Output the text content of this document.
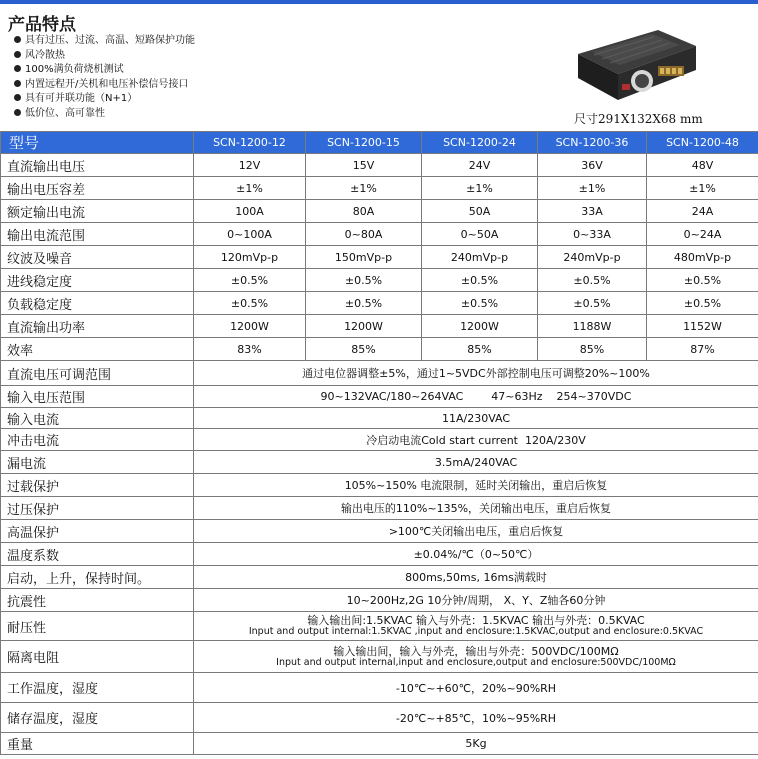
产品特点
具有过压、过流、高温、短路保护功能
风冷散热
100%满负荷烧机测试
内置远程开/关机和电压补偿信号接口
具有可并联功能（N+1）
低价位、高可靠性	尺寸291X132X68 mm
型号	SCN-1200-12	SCN-1200-15	SCN-1200-24	SCN-1200-36	SCN-1200-48
直流输出电压	12V	15V	24V	36V	48V
输出电压容差	±1%	±1%	±1%	±1%	±1%
额定输出电流	100A	80A	50A	33A	24A
输出电流范围	0~100A	0~80A	0~50A	0~33A	0~24A
纹波及噪音	120mVp-p	150mVp-p	240mVp-p	240mVp-p	480mVp-p
进线稳定度	±0.5%	±0.5%	±0.5%	±0.5%	±0.5%
负载稳定度	±0.5%	±0.5%	±0.5%	±0.5%	±0.5%
直流输出功率	1200W	1200W	1200W	1188W	1152W
效率	83%	85%	85%	85%	87%
直流电压可调范围	通过电位器调整±5%，通过1~5VDC外部控制电压可调整20%~100%				
输入电压范围	90~132VAC/180~264VAC        47~63Hz    254~370VDC				
输入电流	11A/230VAC				
冲击电流	冷启动电流Cold start current  120A/230V				
漏电流	3.5mA/240VAC				
过载保护	105%~150% 电流限制，延时关闭输出，重启后恢复				
过压保护	输出电压的110%~135%，关闭输出电压，重启后恢复				
高温保护	>100℃关闭输出电压，重启后恢复				
温度系数	±0.04%/℃（0~50℃）				
启动，上升，保持时间。	800ms,50ms, 16ms满载时				
抗震性	10~200Hz,2G 10分钟/周期， X、Y、Z轴各60分钟				
耐压性	输入输出间:1.5KVAC 输入与外壳：1.5KVAC 输出与外壳：0.5KVAC
Input and output internal:1.5KVAC ,input and enclosure:1.5KVAC,output and enclosure:0.5KVAC				

隔离电阻	输入输出间，输入与外壳，输出与外壳：500VDC/100MΩ
Input and output internal,input and enclosure,output and enclosure:500VDC/100MΩ				

工作温度，湿度	-10℃~+60℃，20%~90%RH				
储存温度，湿度	-20℃~+85℃，10%~95%RH				
重量	5Kg				
